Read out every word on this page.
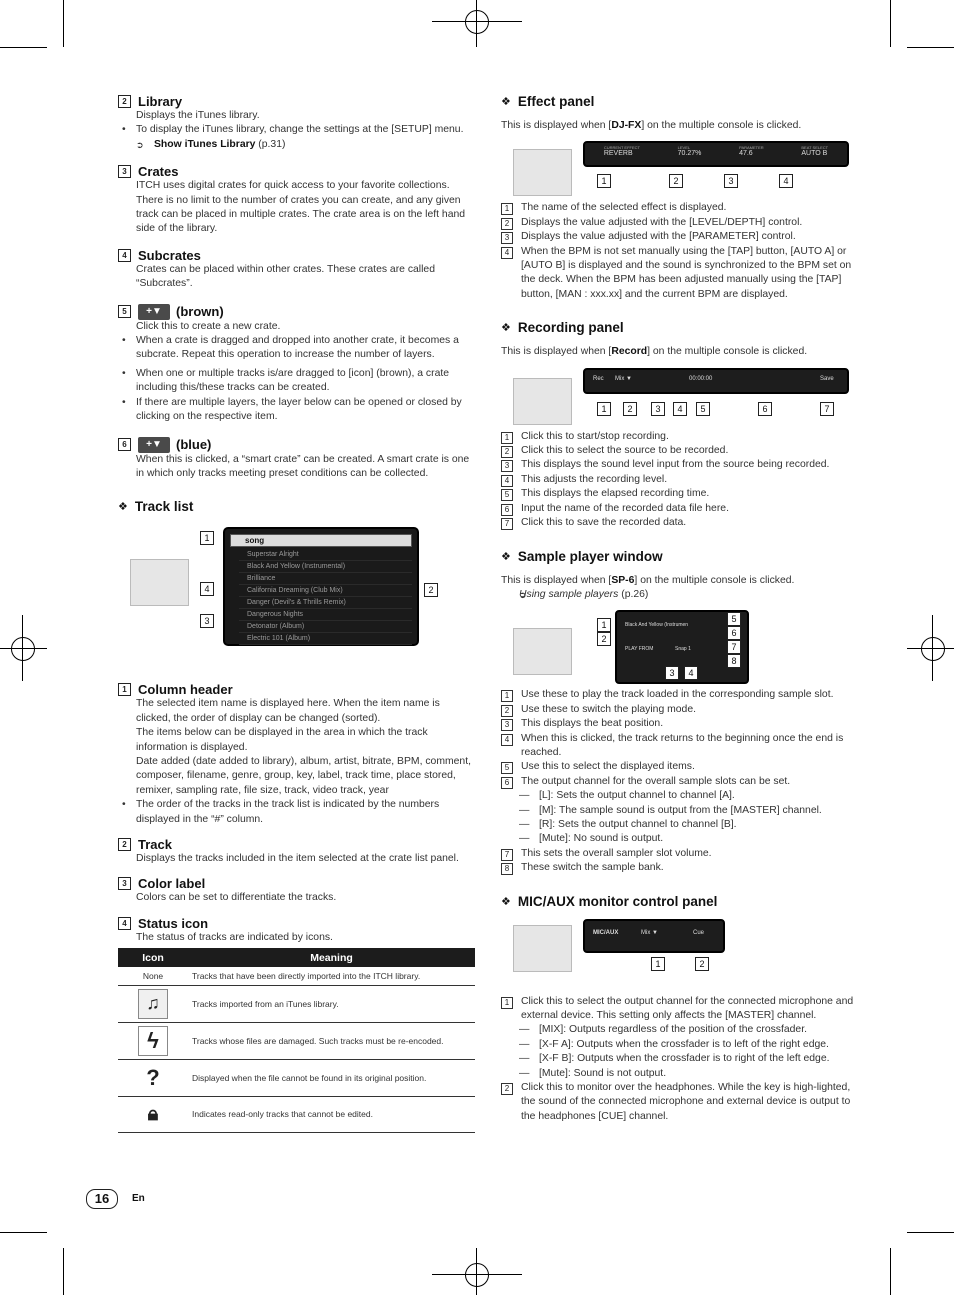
2 Library

Displays the iTunes library.

• To display the iTunes library, change the settings at the [SETUP] menu.

➲ Show iTunes Library (p.31)
3 Crates

ITCH uses digital crates for quick access to your favorite collections. There is no limit to the number of crates you can create, and any given track can be placed in multiple crates. The crate area is on the left hand side of the library.

4 Subcrates

Crates can be placed within other crates. These crates are called “Subcrates”.

5	+▼	(brown)

Click this to create a new crate.

• When a crate is dragged and dropped into another crate, it becomes a subcrate. Repeat this operation to increase the number of layers.

• When one or multiple tracks is/are dragged to [icon] (brown), a crate including this/these tracks can be created.

• If there are multiple layers, the layer below can be opened or closed by clicking on the respective item.

6	+▼	(blue)

When this is clicked, a “smart crate” can be created. A smart crate is one in which only tracks meeting preset conditions can be collected.

❖ Track list
song
Superstar Alright
Black And Yellow (Instrumental)
Brilliance
California Dreaming (Club Mix)
Danger (Devil's & Thrills Remix)
Dangerous Nights
Detonator (Album)
Electric 101 (Album)
1
4
3
2
1 Column header

The selected item name is displayed here. When the item name is clicked, the order of display can be changed (sorted).

The items below can be displayed in the area in which the track information is displayed.

Date added (date added to library), album, artist, bitrate, BPM, comment, composer, filename, genre, group, key, label, track time, place stored, remixer, sampling rate, file size, track, video track, year

• The order of the tracks in the track list is indicated by the numbers displayed in the “#” column.

2 Track

Displays the tracks included in the item selected at the crate list panel.

3 Color label

Colors can be set to differentiate the tracks.

4 Status icon

The status of tracks are indicated by icons.

Icon	Meaning
None	Tracks that have been directly imported into the ITCH library.

♫	Tracks imported from an iTunes library.

ϟ	Tracks whose files are damaged. Such tracks must be re-encoded.

?	Displayed when the file cannot be found in its original position.

🔒︎	Indicates read-only tracks that cannot be edited.
❖ Effect panel

This is displayed when [ DJ-FX ] on the multiple console is clicked.

CURRENT EFFECT
REVERB
LEVEL
70.27%
PARAMETER
47.6
BEAT SELECT
AUTO B
1	2	3	4

1	The name of the selected effect is displayed.

2	Displays the value adjusted with the [LEVEL/DEPTH] control.

3	Displays the value adjusted with the [PARAMETER] control.

4	When the BPM is not set manually using the [TAP] button, [AUTO A] or [AUTO B] is displayed and the sound is synchronized to the BPM set on the deck. When the BPM has been adjusted manually using the [TAP] button, [MAN : xxx.xx] and the current BPM are displayed.

❖ Recording panel

This is displayed when [ Record ] on the multiple console is clicked.

Rec Mix ▼	00:00:00	Save
1	2	3	4	5	6	7

1	Click this to start/stop recording.

2	Click this to select the source to be recorded.

3	This displays the sound level input from the source being recorded.

4	This adjusts the recording level.

5	This displays the elapsed recording time.

6	Input the name of the recorded data file here.

7	Click this to save the recorded data.

❖ Sample player window

This is displayed when [ SP-6 ] on the multiple console is clicked.

➲ Using sample players (p.26)
Black And Yellow (Instrumen
PLAY FROM	Snap 1
1
2
3	4
5
6
7
8

1	Use these to play the track loaded in the corresponding sample slot.

2	Use these to switch the playing mode.

3	This displays the beat position.

4	When this is clicked, the track returns to the beginning once the end is reached.

5	Use this to select the displayed items.

6	The output channel for the overall sample slots can be set.

— [L]: Sets the output channel to channel [A].

— [M]: The sample sound is output from the [MASTER] channel.

— [R]: Sets the output channel to channel [B].

— [Mute]: No sound is output.

7	This sets the overall sampler slot volume.

8	These switch the sample bank.

❖ MIC/AUX monitor control panel
MIC/AUX	Mix ▼	Cue
1	2

1	Click this to select the output channel for the connected microphone and external device. This setting only affects the [MASTER] channel.

— [MIX]: Outputs regardless of the position of the crossfader.

— [X-F A]: Outputs when the crossfader is to left of the right edge.

— [X-F B]: Outputs when the crossfader is to right of the left edge.

— [Mute]: Sound is not output.

2	Click this to monitor over the headphones. While the key is high-lighted, the sound of the connected microphone and external device is output to the headphones [CUE] channel.

16	En
